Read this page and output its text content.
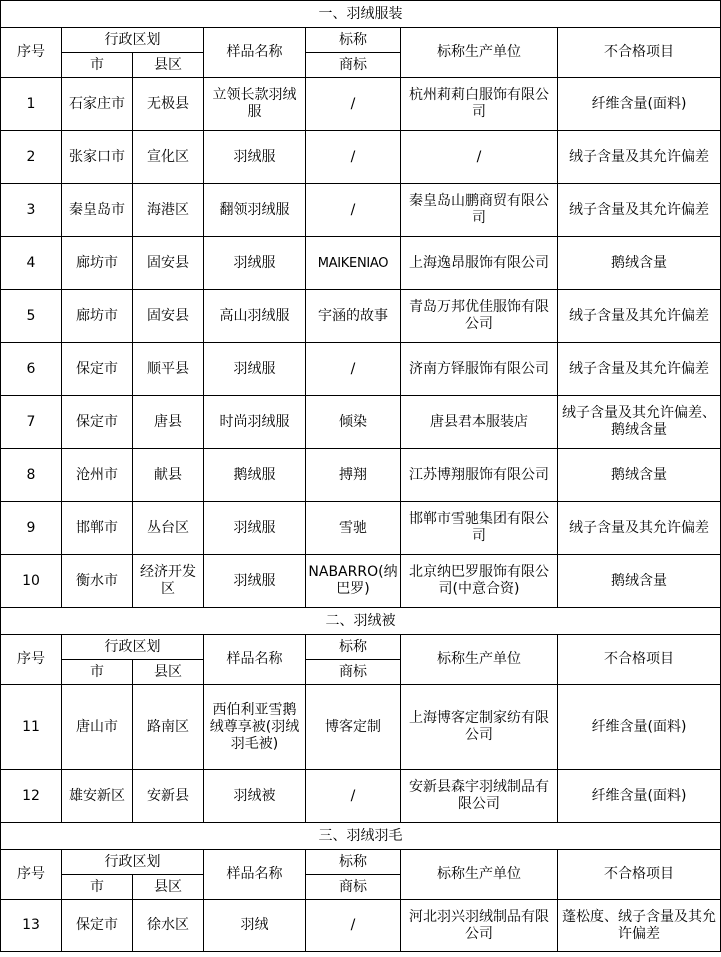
一、羽绒服装						
序号	行政区划		样品名称	标称	标称生产单位	不合格项目
	市	县区		商标		
1	石家庄市	无极县	立领长款羽绒服	/	杭州莉莉白服饰有限公司	纤维含量(面料)
2	张家口市	宣化区	羽绒服	/	/	绒子含量及其允许偏差
3	秦皇岛市	海港区	翻领羽绒服	/	秦皇岛山鹏商贸有限公司	绒子含量及其允许偏差
4	廊坊市	固安县	羽绒服	MAIKENIAO	上海逸昂服饰有限公司	鹅绒含量
5	廊坊市	固安县	高山羽绒服	宇涵的故事	青岛万邦优佳服饰有限公司	绒子含量及其允许偏差
6	保定市	顺平县	羽绒服	/	济南方铎服饰有限公司	绒子含量及其允许偏差
7	保定市	唐县	时尚羽绒服	倾染	唐县君本服装店	绒子含量及其允许偏差、鹅绒含量
8	沧州市	献县	鹅绒服	搏翔	江苏博翔服饰有限公司	鹅绒含量
9	邯郸市	丛台区	羽绒服	雪驰	邯郸市雪驰集团有限公司	绒子含量及其允许偏差
10	衡水市	经济开发区	羽绒服	NABARRO(纳巴罗)	北京纳巴罗服饰有限公司(中意合资)	鹅绒含量
二、羽绒被						
序号	行政区划		样品名称	标称	标称生产单位	不合格项目
	市	县区		商标		
11	唐山市	路南区	西伯利亚雪鹅绒尊享被(羽绒羽毛被)	博客定制	上海博客定制家纺有限公司	纤维含量(面料)
12	雄安新区	安新县	羽绒被	/	安新县森宇羽绒制品有限公司	纤维含量(面料)
三、羽绒羽毛						
序号	行政区划		样品名称	标称	标称生产单位	不合格项目
	市	县区		商标		
13	保定市	徐水区	羽绒	/	河北羽兴羽绒制品有限公司	蓬松度、绒子含量及其允许偏差
